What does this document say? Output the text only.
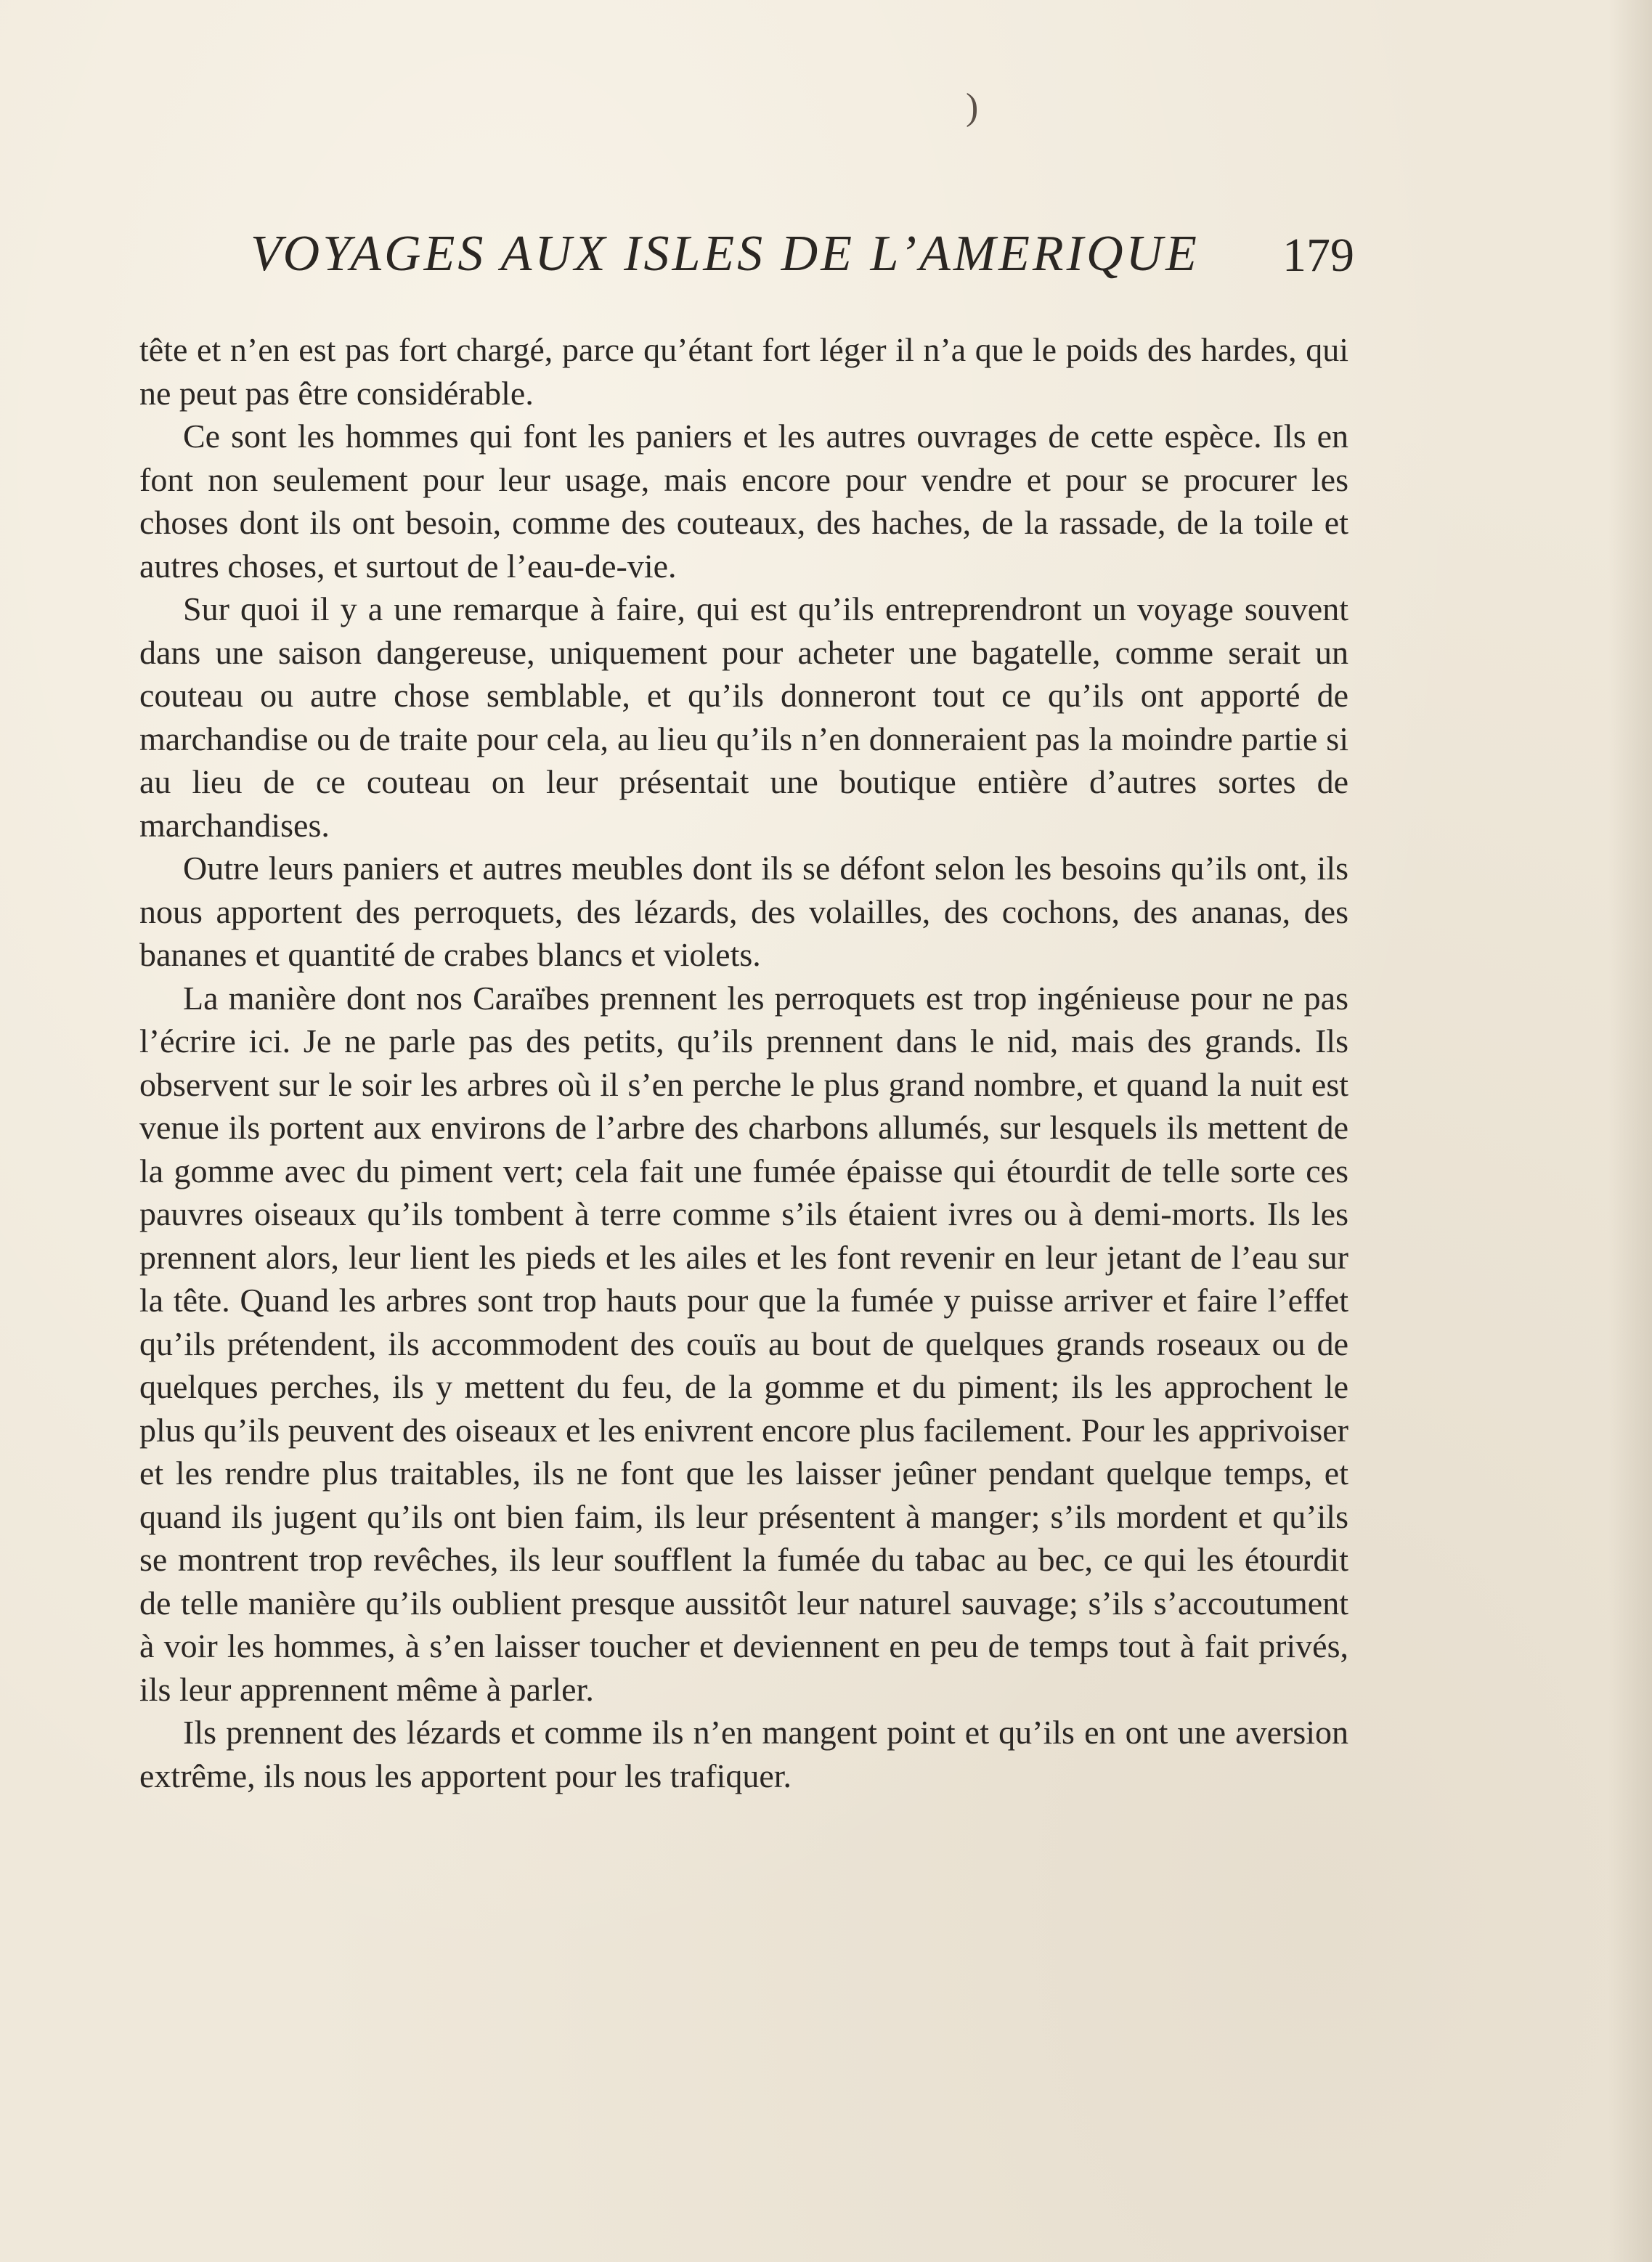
)
VOYAGES AUX ISLES DE L’AMERIQUE 179

tête et n’en est pas fort chargé, parce qu’étant fort léger il n’a que le poids des hardes, qui ne peut pas être considérable.

Ce sont les hommes qui font les paniers et les autres ouvrages de cette espèce. Ils en font non seulement pour leur usage, mais encore pour vendre et pour se procurer les choses dont ils ont besoin, comme des couteaux, des haches, de la rassade, de la toile et autres choses, et surtout de l’eau-de-vie.

Sur quoi il y a une remarque à faire, qui est qu’ils entreprendront un voyage souvent dans une saison dangereuse, uniquement pour acheter une bagatelle, comme serait un couteau ou autre chose semblable, et qu’ils donneront tout ce qu’ils ont apporté de marchandise ou de traite pour cela, au lieu qu’ils n’en donneraient pas la moindre partie si au lieu de ce couteau on leur présentait une boutique entière d’autres sortes de marchandises.

Outre leurs paniers et autres meubles dont ils se défont selon les besoins qu’ils ont, ils nous apportent des perroquets, des lézards, des volailles, des cochons, des ananas, des bananes et quantité de crabes blancs et violets.

La manière dont nos Caraïbes prennent les perroquets est trop ingénieuse pour ne pas l’écrire ici. Je ne parle pas des petits, qu’ils prennent dans le nid, mais des grands. Ils observent sur le soir les arbres où il s’en perche le plus grand nombre, et quand la nuit est venue ils portent aux environs de l’arbre des charbons allumés, sur lesquels ils mettent de la gomme avec du piment vert; cela fait une fumée épaisse qui étourdit de telle sorte ces pauvres oiseaux qu’ils tombent à terre comme s’ils étaient ivres ou à demi-morts. Ils les prennent alors, leur lient les pieds et les ailes et les font revenir en leur jetant de l’eau sur la tête. Quand les arbres sont trop hauts pour que la fumée y puisse arriver et faire l’effet qu’ils prétendent, ils accommodent des couïs au bout de quelques grands roseaux ou de quelques perches, ils y mettent du feu, de la gomme et du piment; ils les approchent le plus qu’ils peuvent des oiseaux et les enivrent encore plus facilement. Pour les apprivoiser et les rendre plus traitables, ils ne font que les laisser jeûner pendant quelque temps, et quand ils jugent qu’ils ont bien faim, ils leur présentent à manger; s’ils mordent et qu’ils se montrent trop revêches, ils leur soufflent la fumée du tabac au bec, ce qui les étourdit de telle manière qu’ils oublient presque aussitôt leur naturel sauvage; s’ils s’accoutument à voir les hommes, à s’en laisser toucher et deviennent en peu de temps tout à fait privés, ils leur apprennent même à parler.

Ils prennent des lézards et comme ils n’en mangent point et qu’ils en ont une aversion extrême, ils nous les apportent pour les trafiquer.
